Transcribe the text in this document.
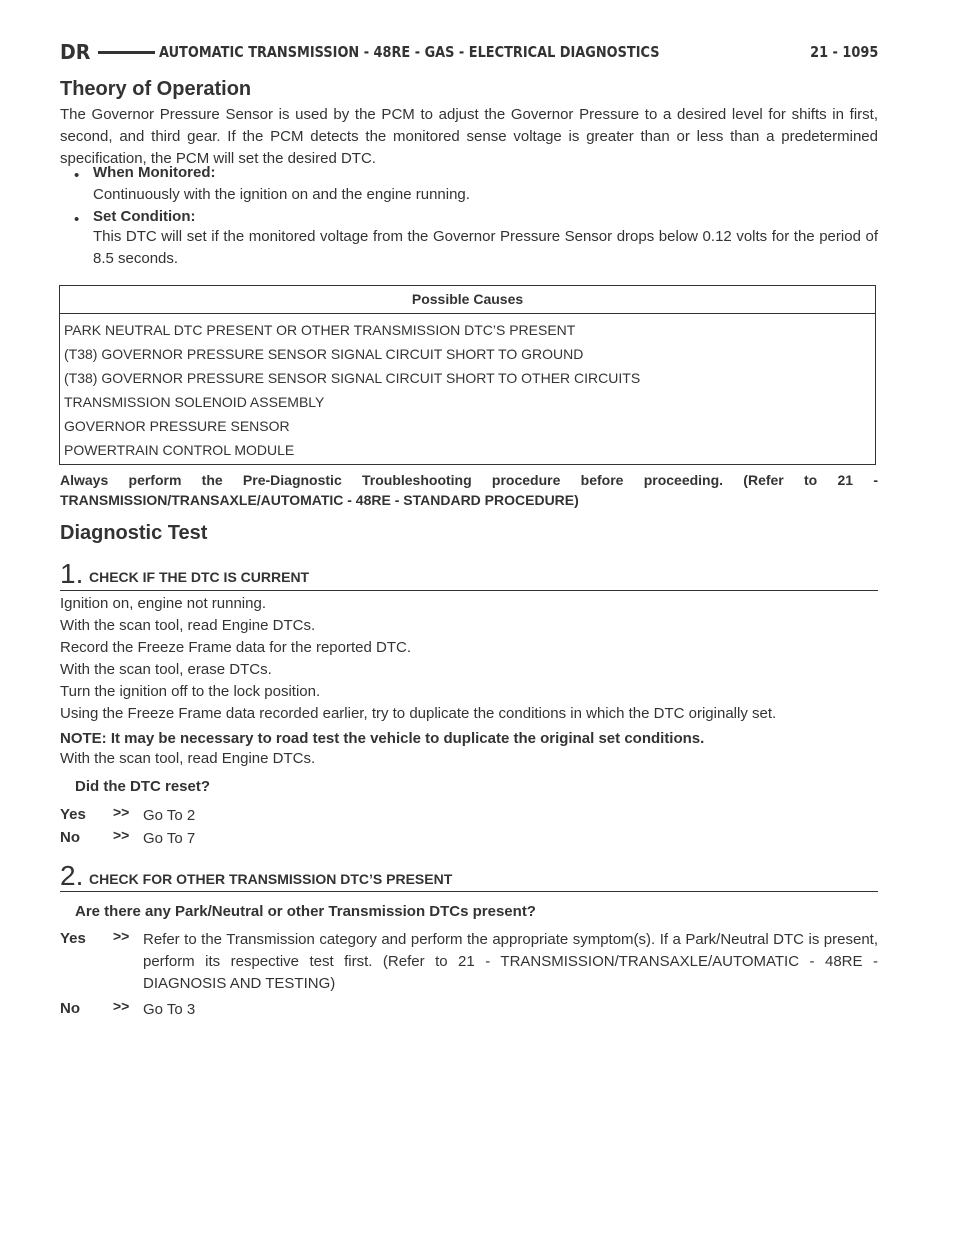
DR	AUTOMATIC TRANSMISSION - 48RE - GAS - ELECTRICAL DIAGNOSTICS	21 - 1095
Theory of Operation
The Governor Pressure Sensor is used by the PCM to adjust the Governor Pressure to a desired level for shifts in first, second, and third gear. If the PCM detects the monitored sense voltage is greater than or less than a predetermined specification, the PCM will set the desired DTC.
• When Monitored:
Continuously with the ignition on and the engine running.
• Set Condition:
This DTC will set if the monitored voltage from the Governor Pressure Sensor drops below 0.12 volts for the period of 8.5 seconds.
Possible Causes
PARK NEUTRAL DTC PRESENT OR OTHER TRANSMISSION DTC’S PRESENT
(T38) GOVERNOR PRESSURE SENSOR SIGNAL CIRCUIT SHORT TO GROUND
(T38) GOVERNOR PRESSURE SENSOR SIGNAL CIRCUIT SHORT TO OTHER CIRCUITS
TRANSMISSION SOLENOID ASSEMBLY
GOVERNOR PRESSURE SENSOR
POWERTRAIN CONTROL MODULE
Always perform the Pre-Diagnostic Troubleshooting procedure before proceeding. (Refer to 21 - TRANSMISSION/TRANSAXLE/AUTOMATIC - 48RE - STANDARD PROCEDURE)
Diagnostic Test
1. CHECK IF THE DTC IS CURRENT
Ignition on, engine not running.
With the scan tool, read Engine DTCs.
Record the Freeze Frame data for the reported DTC.
With the scan tool, erase DTCs.
Turn the ignition off to the lock position.
Using the Freeze Frame data recorded earlier, try to duplicate the conditions in which the DTC originally set.
NOTE: It may be necessary to road test the vehicle to duplicate the original set conditions.
With the scan tool, read Engine DTCs.
Did the DTC reset?
Yes >> Go To 2
No >> Go To 7
2. CHECK FOR OTHER TRANSMISSION DTC’S PRESENT
Are there any Park/Neutral or other Transmission DTCs present?
Yes >> Refer to the Transmission category and perform the appropriate symptom(s). If a Park/Neutral DTC is present, perform its respective test first. (Refer to 21 - TRANSMISSION/TRANSAXLE/AUTOMATIC - 48RE - DIAGNOSIS AND TESTING)
No >> Go To 3
